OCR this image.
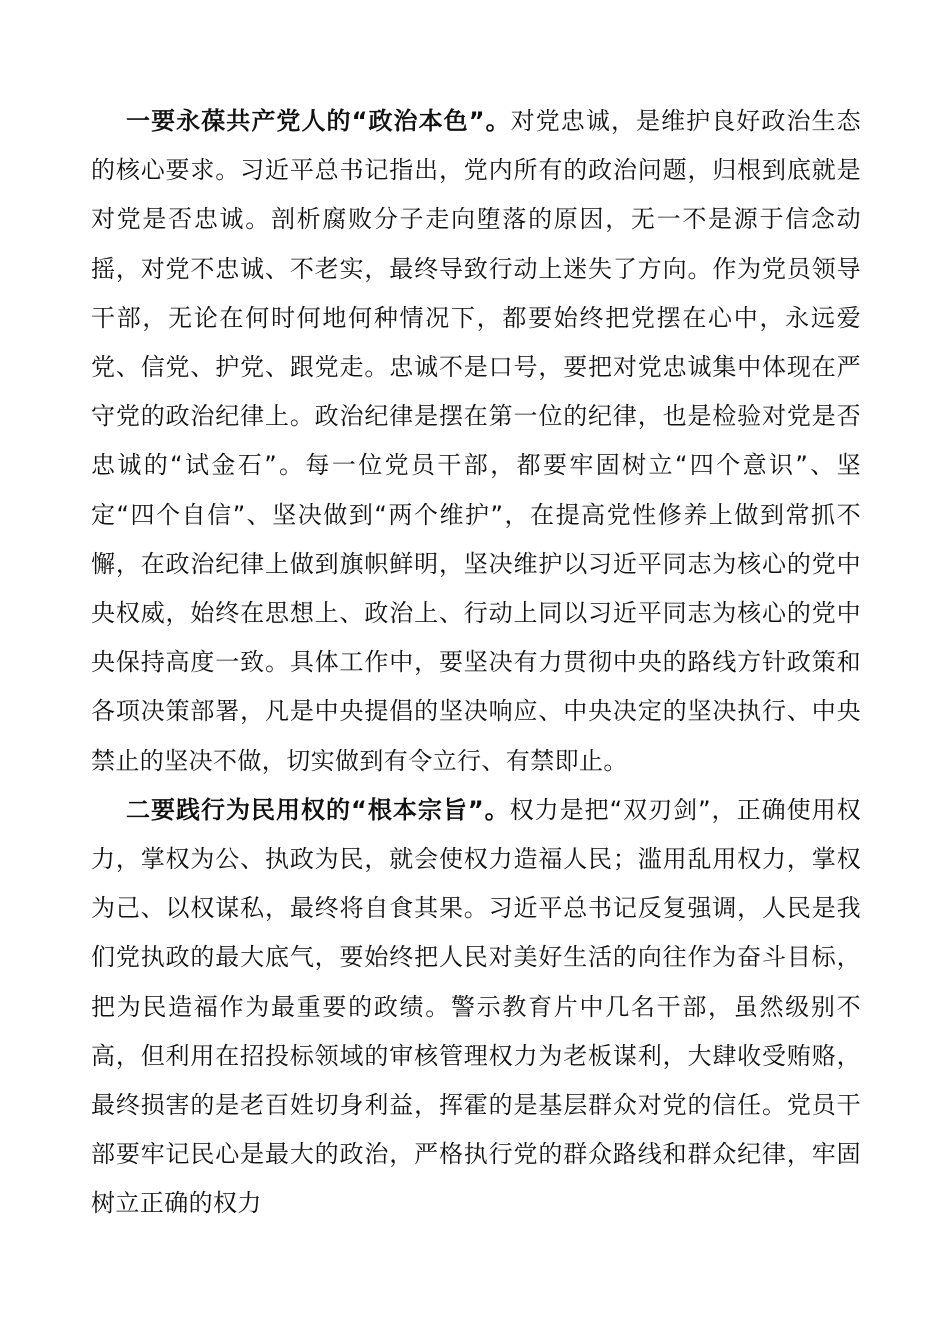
一要永葆共产党人的“政治本色”。对党忠诚，是维护良好政治生态的核心要求。习近平总书记指出，党内所有的政治问题，归根到底就是对党是否忠诚。剖析腐败分子走向堕落的原因，无一不是源于信念动摇，对党不忠诚、不老实，最终导致行动上迷失了方向。作为党员领导干部，无论在何时何地何种情况下，都要始终把党摆在心中，永远爱党、信党、护党、跟党走。忠诚不是口号，要把对党忠诚集中体现在严守党的政治纪律上。政治纪律是摆在第一位的纪律，也是检验对党是否忠诚的“试金石”。每一位党员干部，都要牢固树立“四个意识”、坚定“四个自信”、坚决做到“两个维护”，在提高党性修养上做到常抓不懈，在政治纪律上做到旗帜鲜明，坚决维护以习近平同志为核心的党中央权威，始终在思想上、政治上、行动上同以习近平同志为核心的党中央保持高度一致。具体工作中，要坚决有力贯彻中央的路线方针政策和各项决策部署，凡是中央提倡的坚决响应、中央决定的坚决执行、中央禁止的坚决不做，切实做到有令立行、有禁即止。

二要践行为民用权的“根本宗旨”。权力是把“双刃剑”，正确使用权力，掌权为公、执政为民，就会使权力造福人民；滥用乱用权力，掌权为己、以权谋私，最终将自食其果。习近平总书记反复强调，人民是我们党执政的最大底气，要始终把人民对美好生活的向往作为奋斗目标，把为民造福作为最重要的政绩。警示教育片中几名干部，虽然级别不高，但利用在招投标领域的审核管理权力为老板谋利，大肆收受贿赂，最终损害的是老百姓切身利益，挥霍的是基层群众对党的信任。党员干部要牢记民心是最大的政治，严格执行党的群众路线和群众纪律，牢固树立正确的权力
